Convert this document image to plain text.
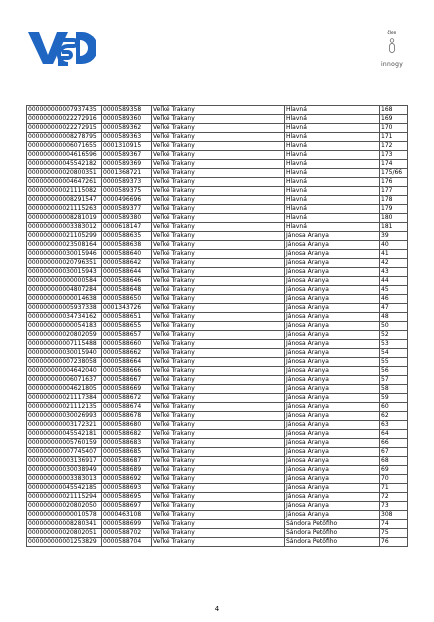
člen
innogy
000000000007937435	0000589358	Veľké Trakany	Hlavná	168
000000000022272916	0000589360	Veľké Trakany	Hlavná	169
000000000022272915	0000589362	Veľké Trakany	Hlavná	170
000000000008278795	0000589363	Veľké Trakany	Hlavná	171
000000000006071655	0001310915	Veľké Trakany	Hlavná	172
000000000004616596	0000589367	Veľké Trakany	Hlavná	173
000000000045542182	0000589369	Veľké Trakany	Hlavná	174
000000000020800351	0001368721	Veľké Trakany	Hlavná	175/66
000000000004647261	0000589373	Veľké Trakany	Hlavná	176
000000000021115082	0000589375	Veľké Trakany	Hlavná	177
000000000008291547	0000496696	Veľké Trakany	Hlavná	178
000000000021115263	0000589377	Veľké Trakany	Hlavná	179
000000000008281019	0000589380	Veľké Trakany	Hlavná	180
000000000003383012	0000618147	Veľké Trakany	Hlavná	181
000000000021105299	0000588635	Veľké Trakany	Jánosa Aranya	39
000000000023508164	0000588638	Veľké Trakany	Jánosa Aranya	40
000000000030015946	0000588640	Veľké Trakany	Jánosa Aranya	41
000000000020796351	0000588642	Veľké Trakany	Jánosa Aranya	42
000000000030015943	0000588644	Veľké Trakany	Jánosa Aranya	43
000000000000000584	0000588646	Veľké Trakany	Jánosa Aranya	44
000000000004807284	0000588648	Veľké Trakany	Jánosa Aranya	45
000000000000014638	0000588650	Veľké Trakany	Jánosa Aranya	46
000000000005937338	0001343726	Veľké Trakany	Jánosa Aranya	47
000000000034734162	0000588651	Veľké Trakany	Jánosa Aranya	48
000000000000054183	0000588655	Veľké Trakany	Jánosa Aranya	50
000000000020802059	0000588657	Veľké Trakany	Jánosa Aranya	52
000000000007115488	0000588660	Veľké Trakany	Jánosa Aranya	53
000000000030015940	0000588662	Veľké Trakany	Jánosa Aranya	54
000000000007238058	0000588664	Veľké Trakany	Jánosa Aranya	55
000000000004642040	0000588666	Veľké Trakany	Jánosa Aranya	56
000000000006071637	0000588667	Veľké Trakany	Jánosa Aranya	57
000000000004621805	0000588669	Veľké Trakany	Jánosa Aranya	58
000000000021117384	0000588672	Veľké Trakany	Jánosa Aranya	59
000000000021112135	0000588674	Veľké Trakany	Jánosa Aranya	60
000000000030026993	0000588678	Veľké Trakany	Jánosa Aranya	62
000000000003172321	0000588680	Veľké Trakany	Jánosa Aranya	63
000000000045542181	0000588682	Veľké Trakany	Jánosa Aranya	64
000000000005760159	0000588683	Veľké Trakany	Jánosa Aranya	66
000000000007745407	0000588685	Veľké Trakany	Jánosa Aranya	67
000000000003136917	0000588687	Veľké Trakany	Jánosa Aranya	68
000000000030038949	0000588689	Veľké Trakany	Jánosa Aranya	69
000000000003383013	0000588692	Veľké Trakany	Jánosa Aranya	70
000000000045542185	0000588693	Veľké Trakany	Jánosa Aranya	71
000000000021115294	0000588695	Veľké Trakany	Jánosa Aranya	72
000000000020802050	0000588697	Veľké Trakany	Jánosa Aranya	73
000000000000010578	0000463108	Veľké Trakany	Jánosa Aranya	308
000000000008280341	0000588699	Veľké Trakany	Sándora Petőfiho	74
000000000020802051	0000588702	Veľké Trakany	Sándora Petőfiho	75
000000000001253829	0000588704	Veľké Trakany	Sándora Petőfiho	76
4
